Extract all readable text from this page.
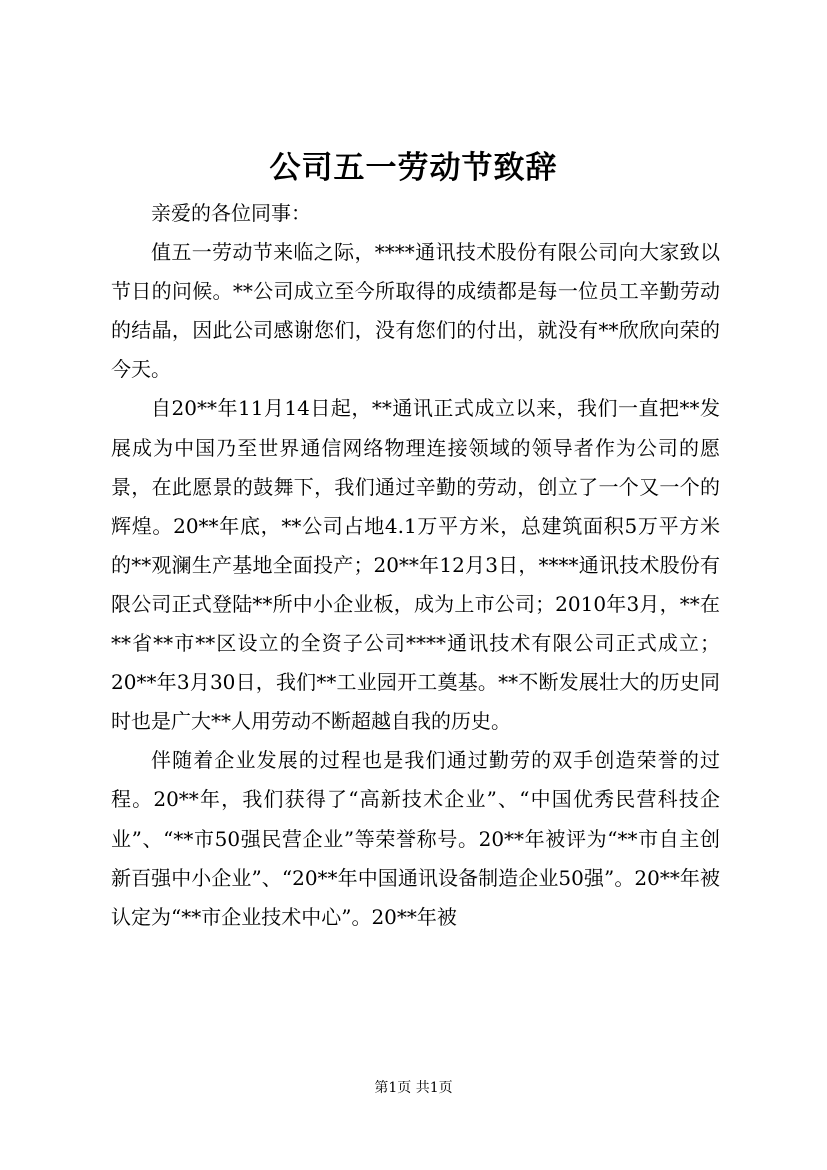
公司五一劳动节致辞

亲爱的各位同事：

值五一劳动节来临之际，****通讯技术股份有限公司向大家致以节日的问候。**公司成立至今所取得的成绩都是每一位员工辛勤劳动的结晶，因此公司感谢您们，没有您们的付出，就没有**欣欣向荣的今天。

自20**年11月14日起，**通讯正式成立以来，我们一直把**发展成为中国乃至世界通信网络物理连接领域的领导者作为公司的愿景，在此愿景的鼓舞下，我们通过辛勤的劳动，创立了一个又一个的辉煌。20**年底，**公司占地4.1万平方米，总建筑面积5万平方米的**观澜生产基地全面投产；20**年12月3日，****通讯技术股份有限公司正式登陆**所中小企业板，成为上市公司；2010年3月，**在**省**市**区设立的全资子公司****通讯技术有限公司正式成立；20**年3月30日，我们**工业园开工奠基。**不断发展壮大的历史同时也是广大**人用劳动不断超越自我的历史。

伴随着企业发展的过程也是我们通过勤劳的双手创造荣誉的过程。20**年，我们获得了“高新技术企业”、“中国优秀民营科技企业”、“**市50强民营企业”等荣誉称号。20**年被评为“**市自主创新百强中小企业”、“20**年中国通讯设备制造企业50强”。20**年被认定为“**市企业技术中心”。20**年被

第1页 共1页
